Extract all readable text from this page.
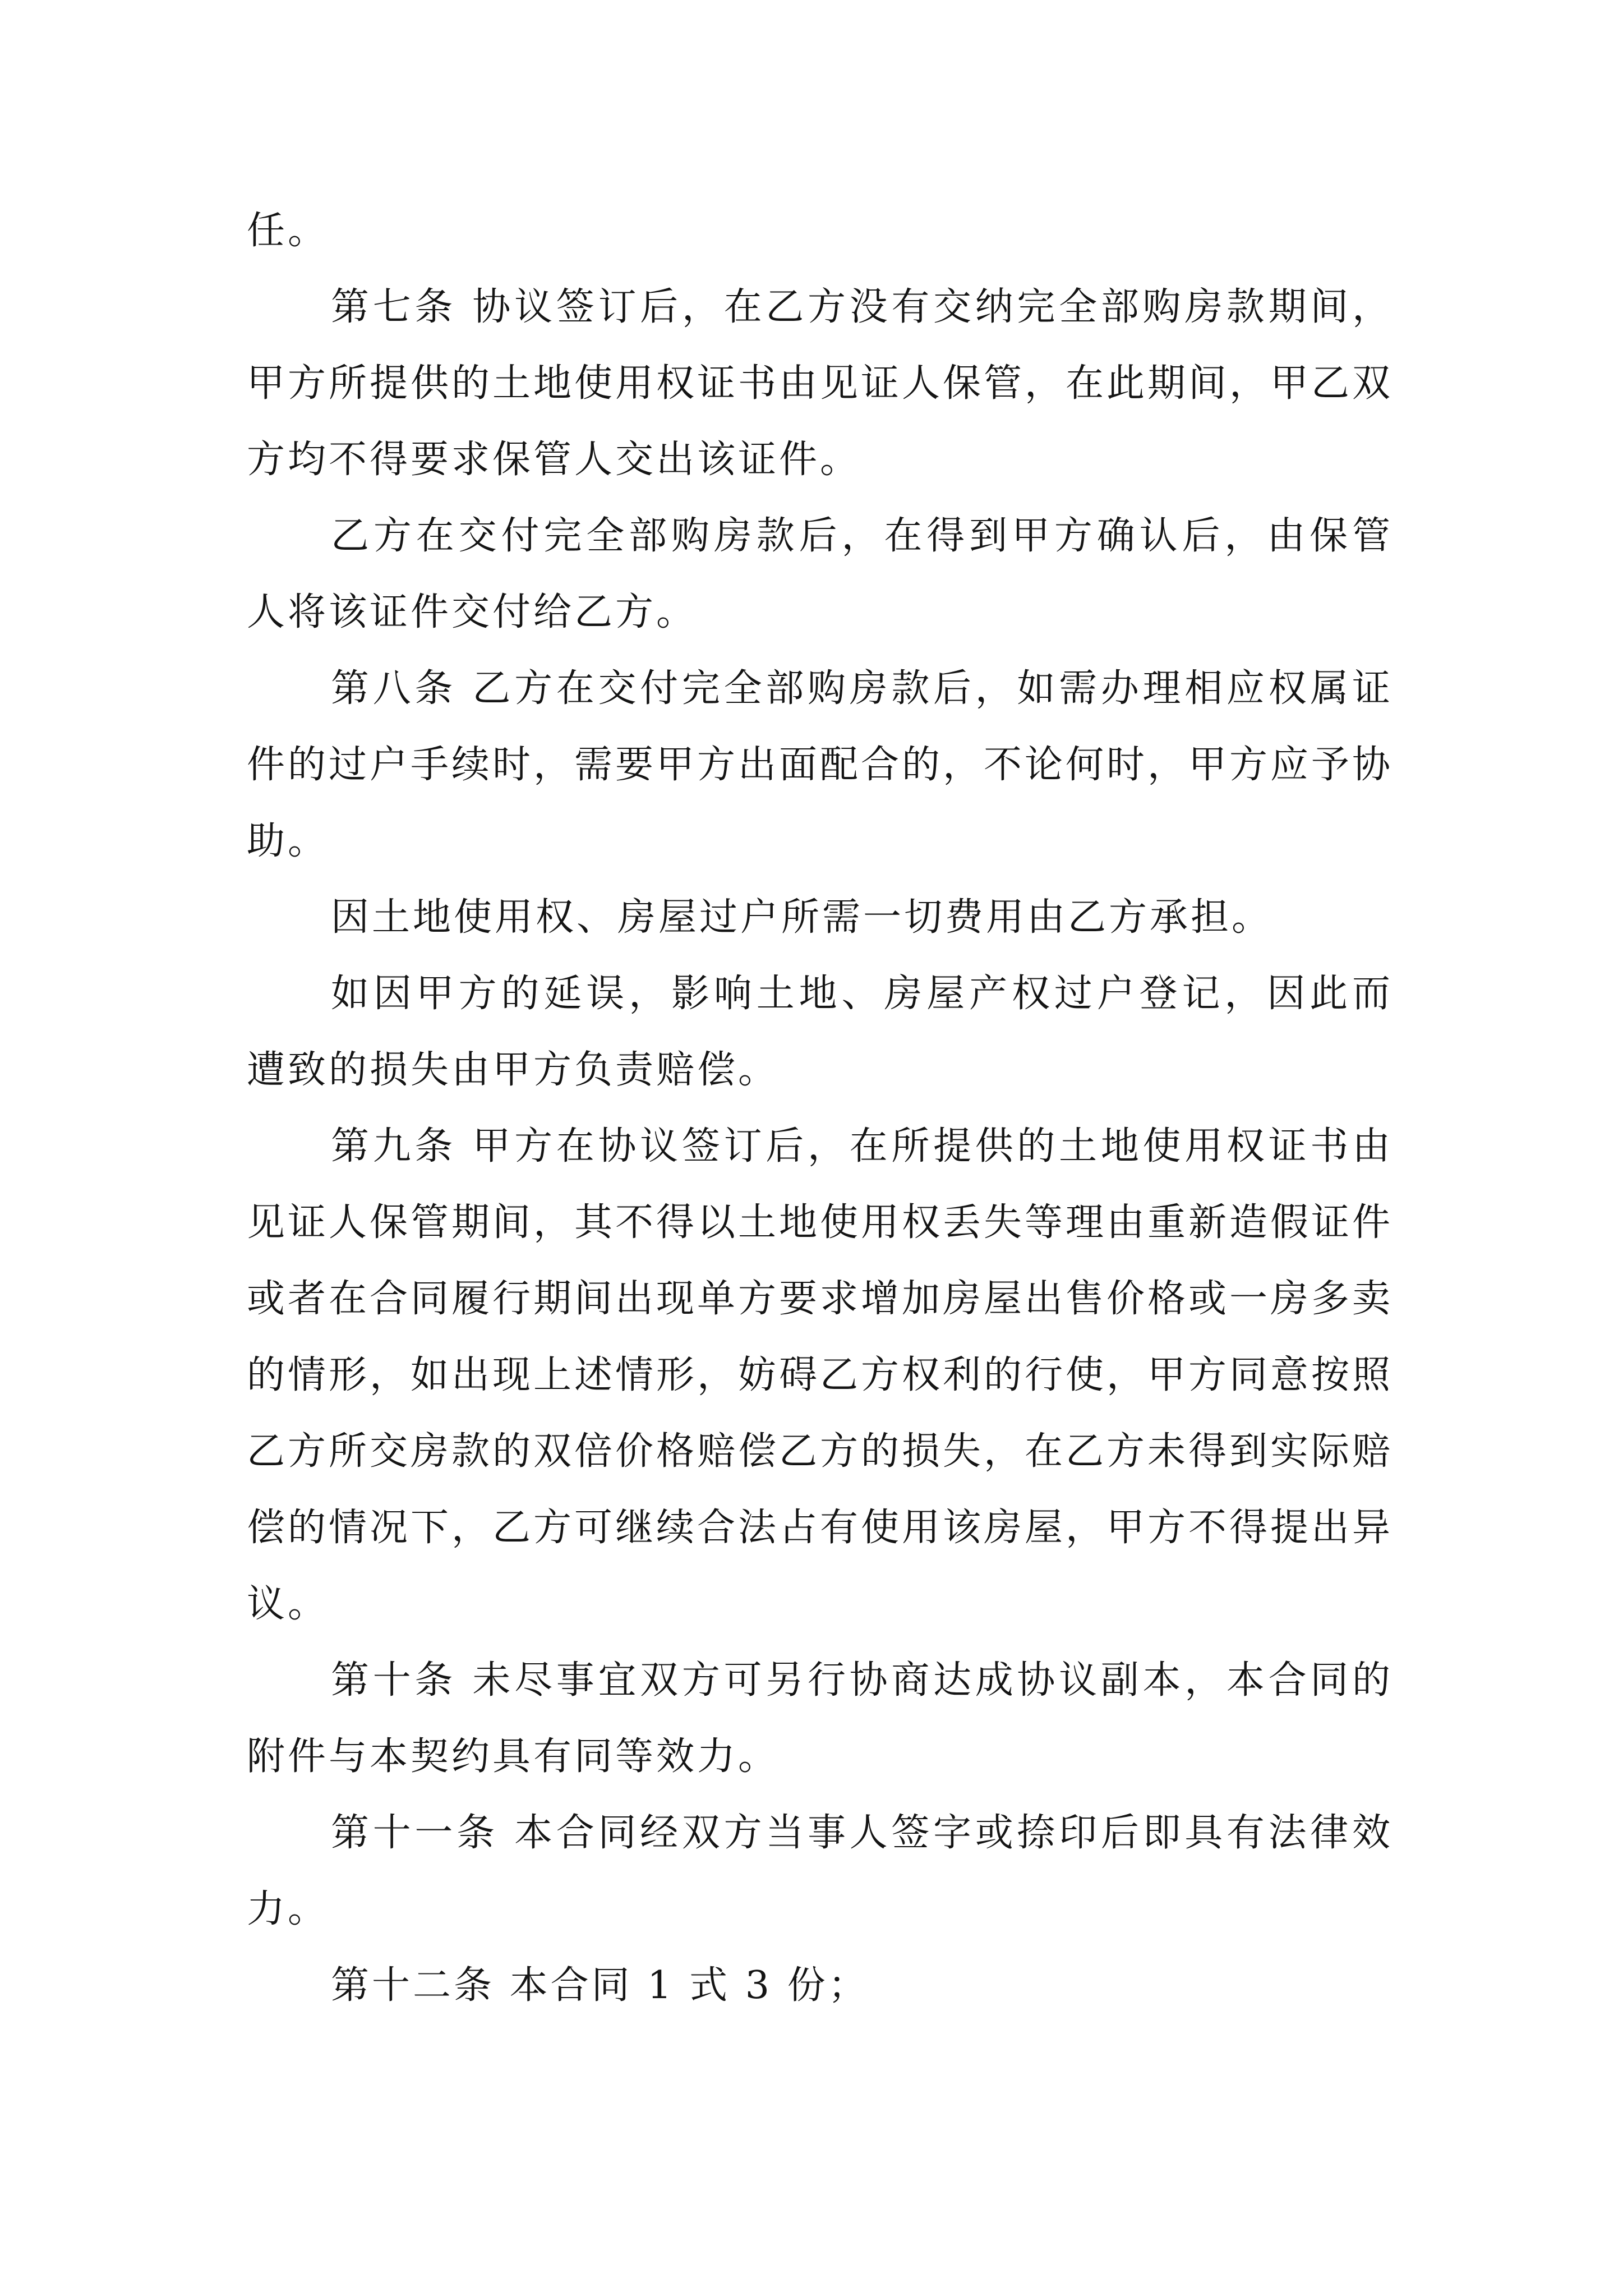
任。

第七条 协议签订后，在乙方没有交纳完全部购房款期间，甲方所提供的土地使用权证书由见证人保管，在此期间，甲乙双方均不得要求保管人交出该证件。

乙方在交付完全部购房款后，在得到甲方确认后，由保管人将该证件交付给乙方。

第八条 乙方在交付完全部购房款后，如需办理相应权属证件的过户手续时，需要甲方出面配合的，不论何时，甲方应予协助。

因土地使用权、房屋过户所需一切费用由乙方承担。

如因甲方的延误，影响土地、房屋产权过户登记，因此而遭致的损失由甲方负责赔偿。

第九条 甲方在协议签订后，在所提供的土地使用权证书由见证人保管期间，其不得以土地使用权丢失等理由重新造假证件或者在合同履行期间出现单方要求增加房屋出售价格或一房多卖的情形，如出现上述情形，妨碍乙方权利的行使，甲方同意按照乙方所交房款的双倍价格赔偿乙方的损失，在乙方未得到实际赔偿的情况下，乙方可继续合法占有使用该房屋，甲方不得提出异议。

第十条 未尽事宜双方可另行协商达成协议副本，本合同的附件与本契约具有同等效力。

第十一条 本合同经双方当事人签字或捺印后即具有法律效力。

第十二条 本合同 1 式 3 份；
